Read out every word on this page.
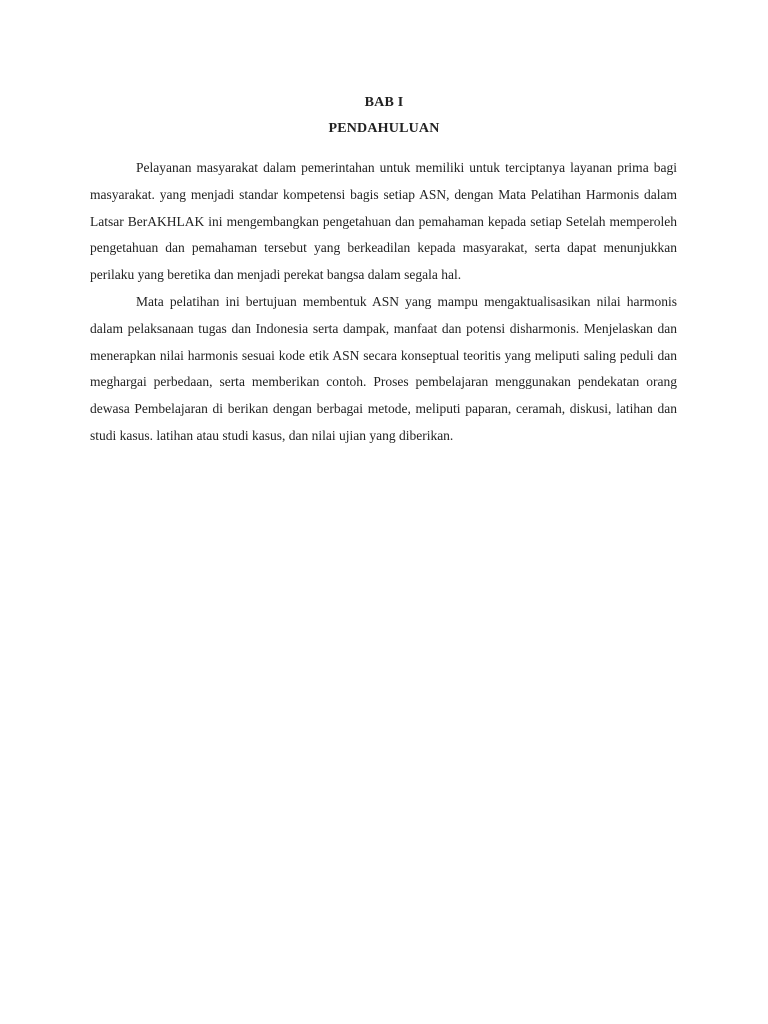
BAB I
PENDAHULUAN

Pelayanan masyarakat dalam pemerintahan untuk memiliki untuk terciptanya layanan prima bagi masyarakat. yang menjadi standar kompetensi bagis setiap ASN, dengan Mata Pelatihan Harmonis dalam Latsar BerAKHLAK ini mengembangkan pengetahuan dan pemahaman kepada setiap Setelah memperoleh pengetahuan dan pemahaman tersebut yang berkeadilan kepada masyarakat, serta dapat menunjukkan perilaku yang beretika dan menjadi perekat bangsa dalam segala hal.

Mata pelatihan ini bertujuan membentuk ASN yang mampu mengaktualisasikan nilai harmonis dalam pelaksanaan tugas dan Indonesia serta dampak, manfaat dan potensi disharmonis. Menjelaskan dan menerapkan nilai harmonis sesuai kode etik ASN secara konseptual teoritis yang meliputi saling peduli dan meghargai perbedaan, serta memberikan contoh. Proses pembelajaran menggunakan pendekatan orang dewasa Pembelajaran di berikan dengan berbagai metode, meliputi paparan, ceramah, diskusi, latihan dan studi kasus. latihan atau studi kasus, dan nilai ujian yang diberikan.
